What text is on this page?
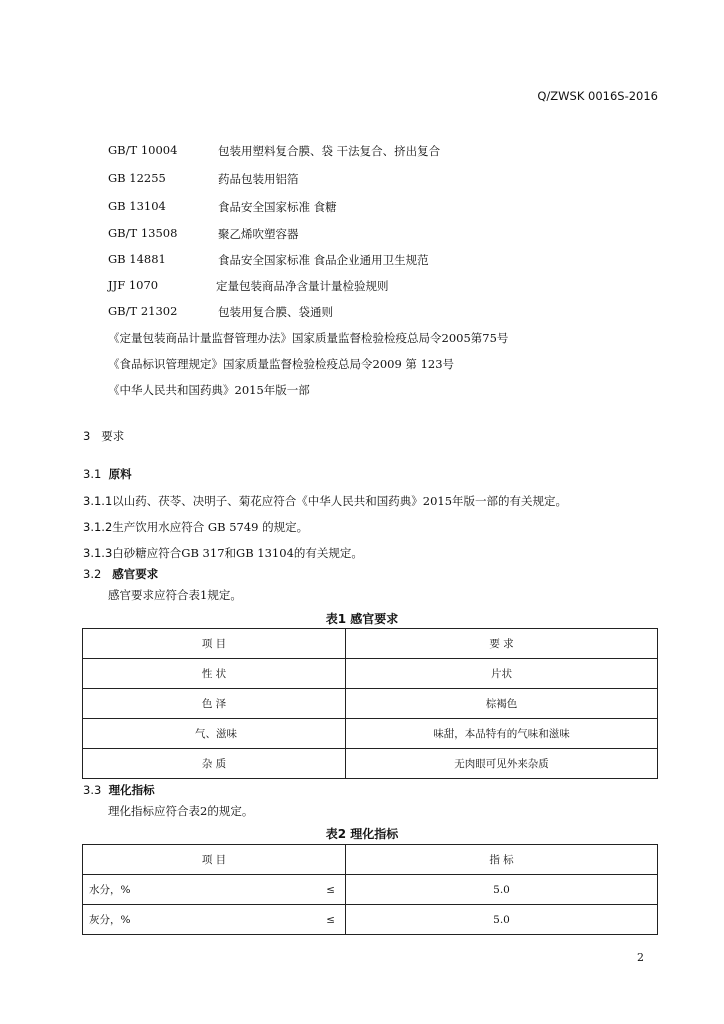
Q/ZWSK 0016S-2016
GB/T 10004	包装用塑料复合膜、袋 干法复合、挤出复合
GB 12255	药品包装用铝箔
GB 13104	食品安全国家标准 食糖
GB/T 13508	聚乙烯吹塑容器
GB 14881	食品安全国家标准 食品企业通用卫生规范
JJF 1070	定量包装商品净含量计量检验规则
GB/T 21302	包装用复合膜、袋通则
《定量包装商品计量监督管理办法》国家质量监督检验检疫总局令2005第75号
《食品标识管理规定》国家质量监督检验检疫总局令2009 第 123号
《中华人民共和国药典》2015年版一部
3 要求
3.1 原料
3.1.1以山药、茯苓、决明子、菊花应符合《中华人民共和国药典》2015年版一部的有关规定。
3.1.2生产饮用水应符合 GB 5749 的规定。
3.1.3白砂糖应符合GB 317和GB 13104的有关规定。
3.2 感官要求
感官要求应符合表1规定。
表1 感官要求
项 目	要 求
性 状	片状
色 泽	棕褐色
气、滋味	味甜，本品特有的气味和滋味
杂 质	无肉眼可见外来杂质
3.3 理化指标
理化指标应符合表2的规定。
表2 理化指标
项 目	指 标

水分，% ≤	5.0

灰分，% ≤	5.0
2
